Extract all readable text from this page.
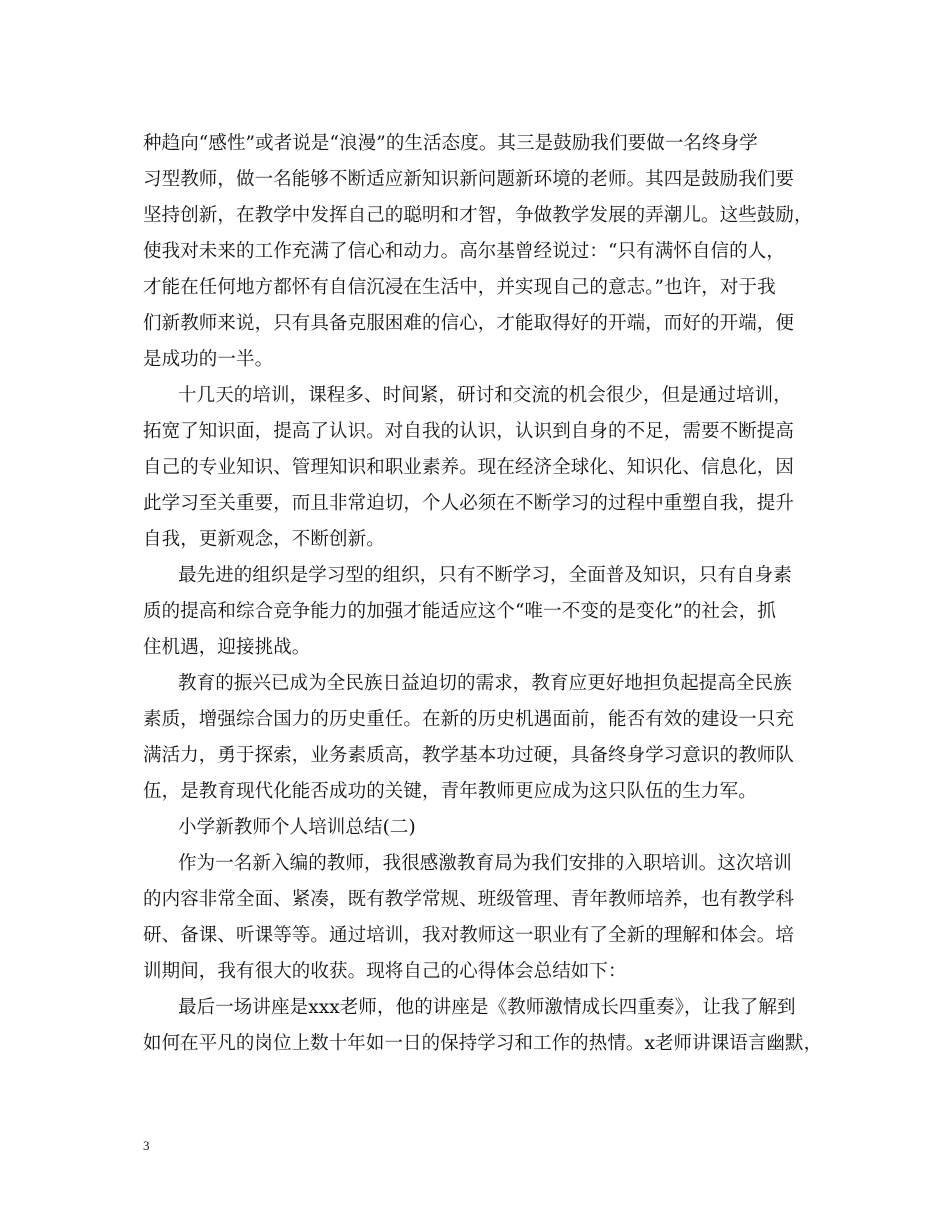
种趋向“感性”或者说是“浪漫”的生活态度。其三是鼓励我们要做一名终身学
习型教师，做一名能够不断适应新知识新问题新环境的老师。其四是鼓励我们要
坚持创新，在教学中发挥自己的聪明和才智，争做教学发展的弄潮儿。这些鼓励，
使我对未来的工作充满了信心和动力。高尔基曾经说过：“只有满怀自信的人，
才能在任何地方都怀有自信沉浸在生活中，并实现自己的意志。”也许，对于我
们新教师来说，只有具备克服困难的信心，才能取得好的开端，而好的开端，便
是成功的一半。
十几天的培训，课程多、时间紧，研讨和交流的机会很少，但是通过培训，
拓宽了知识面，提高了认识。对自我的认识，认识到自身的不足，需要不断提高
自己的专业知识、管理知识和职业素养。现在经济全球化、知识化、信息化，因
此学习至关重要，而且非常迫切，个人必须在不断学习的过程中重塑自我，提升
自我，更新观念，不断创新。
最先进的组织是学习型的组织，只有不断学习，全面普及知识，只有自身素
质的提高和综合竞争能力的加强才能适应这个“唯一不变的是变化”的社会，抓
住机遇，迎接挑战。
教育的振兴已成为全民族日益迫切的需求，教育应更好地担负起提高全民族
素质，增强综合国力的历史重任。在新的历史机遇面前，能否有效的建设一只充
满活力，勇于探索，业务素质高，教学基本功过硬，具备终身学习意识的教师队
伍，是教育现代化能否成功的关键，青年教师更应成为这只队伍的生力军。
小学新教师个人培训总结(二)
作为一名新入编的教师，我很感激教育局为我们安排的入职培训。这次培训
的内容非常全面、紧凑，既有教学常规、班级管理、青年教师培养，也有教学科
研、备课、听课等等。通过培训，我对教师这一职业有了全新的理解和体会。培
训期间，我有很大的收获。现将自己的心得体会总结如下：
最后一场讲座是xxx老师，他的讲座是《教师激情成长四重奏》，让我了解到
如何在平凡的岗位上数十年如一日的保持学习和工作的热情。x老师讲课语言幽默，
3
